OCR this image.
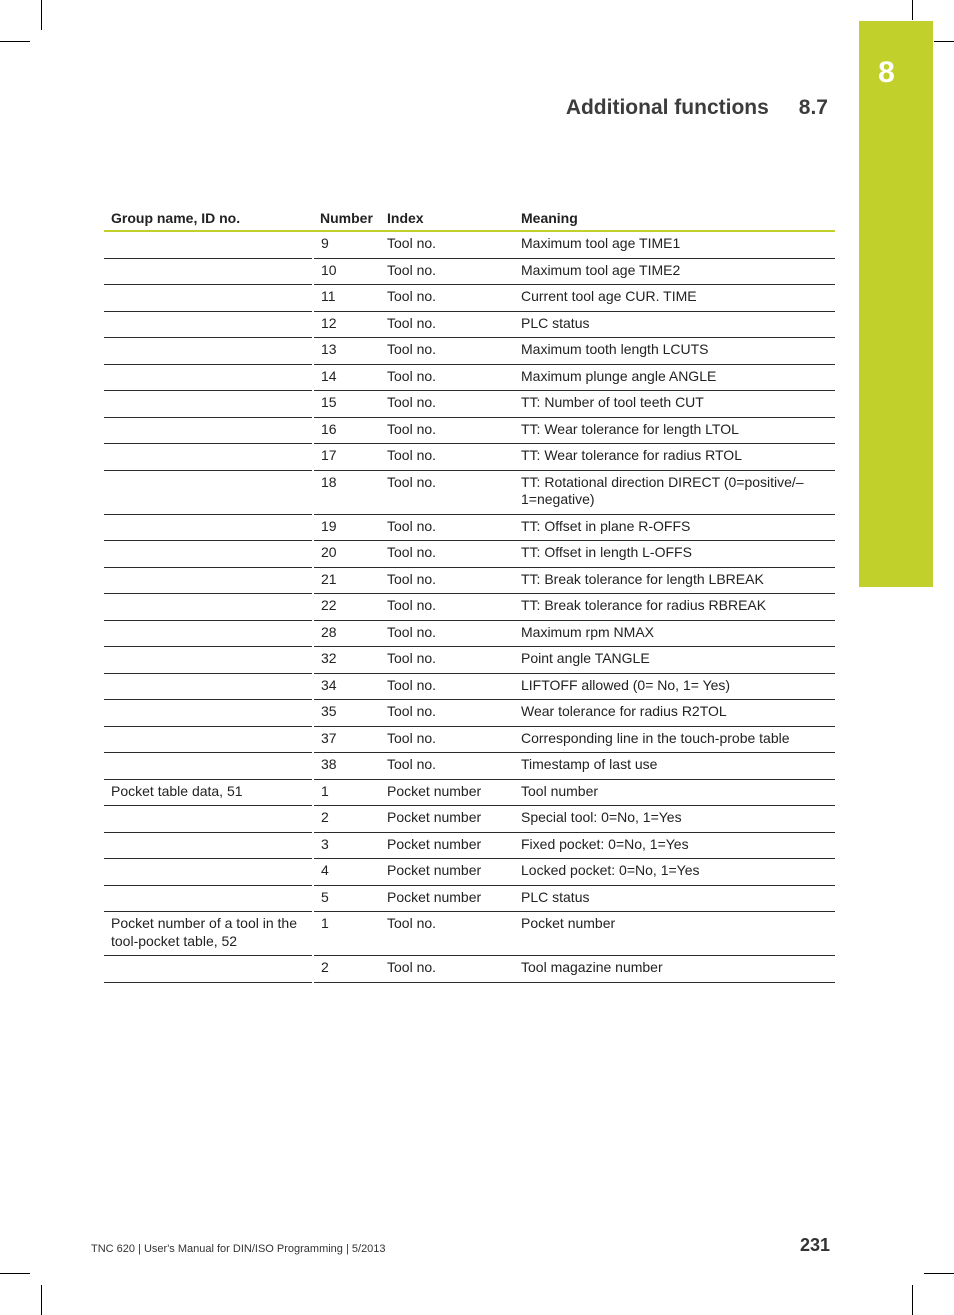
8
Additional functions 8.7
Group name, ID no.	Number	Index	Meaning
	9	Tool no.	Maximum tool age TIME1
	10	Tool no.	Maximum tool age TIME2
	11	Tool no.	Current tool age CUR. TIME
	12	Tool no.	PLC status
	13	Tool no.	Maximum tooth length LCUTS
	14	Tool no.	Maximum plunge angle ANGLE
	15	Tool no.	TT: Number of tool teeth CUT
	16	Tool no.	TT: Wear tolerance for length LTOL
	17	Tool no.	TT: Wear tolerance for radius RTOL
	18	Tool no.	TT: Rotational direction DIRECT (0=positive/–1=negative)
	19	Tool no.	TT: Offset in plane R-OFFS
	20	Tool no.	TT: Offset in length L-OFFS
	21	Tool no.	TT: Break tolerance for length LBREAK
	22	Tool no.	TT: Break tolerance for radius RBREAK
	28	Tool no.	Maximum rpm NMAX
	32	Tool no.	Point angle TANGLE
	34	Tool no.	LIFTOFF allowed (0= No, 1= Yes)
	35	Tool no.	Wear tolerance for radius R2TOL
	37	Tool no.	Corresponding line in the touch-probe table
	38	Tool no.	Timestamp of last use
Pocket table data, 51	1	Pocket number	Tool number
	2	Pocket number	Special tool: 0=No, 1=Yes
	3	Pocket number	Fixed pocket: 0=No, 1=Yes
	4	Pocket number	Locked pocket: 0=No, 1=Yes
	5	Pocket number	PLC status
Pocket number of a tool in the tool-pocket table, 52	1	Tool no.	Pocket number
	2	Tool no.	Tool magazine number
TNC 620 | User's Manual for DIN/ISO Programming | 5/2013	231
